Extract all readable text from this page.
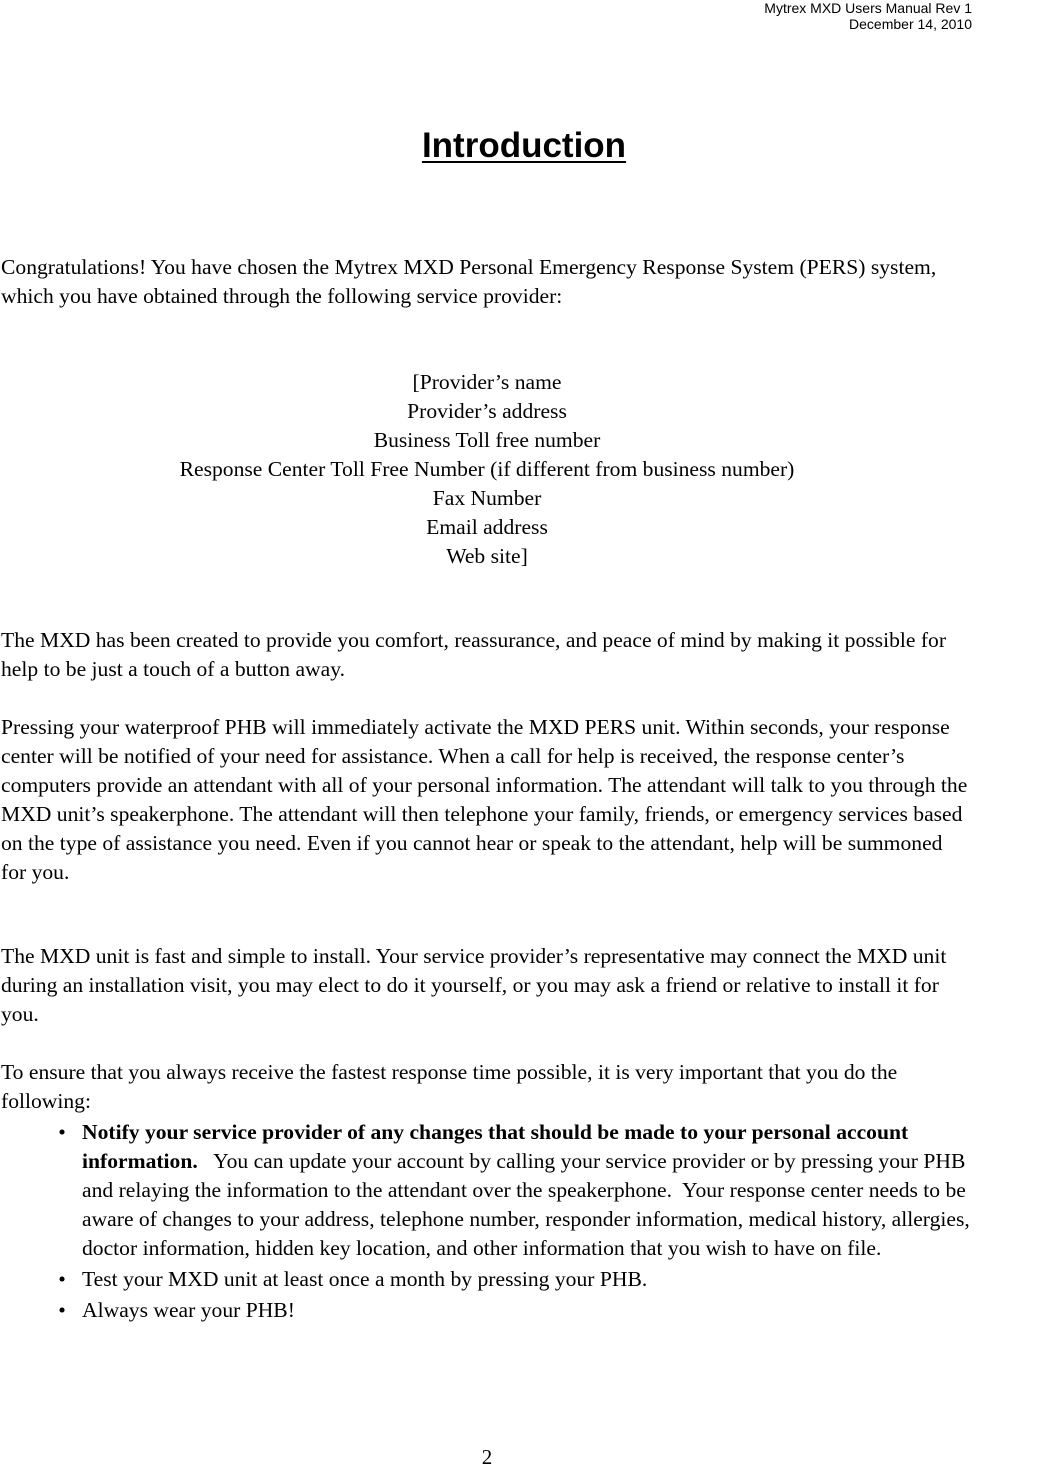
Mytrex MXD Users Manual Rev 1
December 14, 2010
Introduction

Congratulations! You have chosen the Mytrex MXD Personal Emergency Response System (PERS) system, which you have obtained through the following service provider:

[Provider’s name
Provider’s address
Business Toll free number
Response Center Toll Free Number (if different from business number)
Fax Number
Email address
Web site]

The MXD has been created to provide you comfort, reassurance, and peace of mind by making it possible for help to be just a touch of a button away.

Pressing your waterproof PHB will immediately activate the MXD PERS unit. Within seconds, your response center will be notified of your need for assistance. When a call for help is received, the response center’s computers provide an attendant with all of your personal information. The attendant will talk to you through the MXD unit’s speakerphone. The attendant will then telephone your family, friends, or emergency services based on the type of assistance you need. Even if you cannot hear or speak to the attendant, help will be summoned for you.

The MXD unit is fast and simple to install. Your service provider’s representative may connect the MXD unit during an installation visit, you may elect to do it yourself, or you may ask a friend or relative to install it for you.

To ensure that you always receive the fastest response time possible, it is very important that you do the following:

• Notify your service provider of any changes that should be made to your personal account information.   You can update your account by calling your service provider or by pressing your PHB and relaying the information to the attendant over the speakerphone.  Your response center needs to be aware of changes to your address, telephone number, responder information, medical history, allergies, doctor information, hidden key location, and other information that you wish to have on file.
• Test your MXD unit at least once a month by pressing your PHB.
• Always wear your PHB!
2
